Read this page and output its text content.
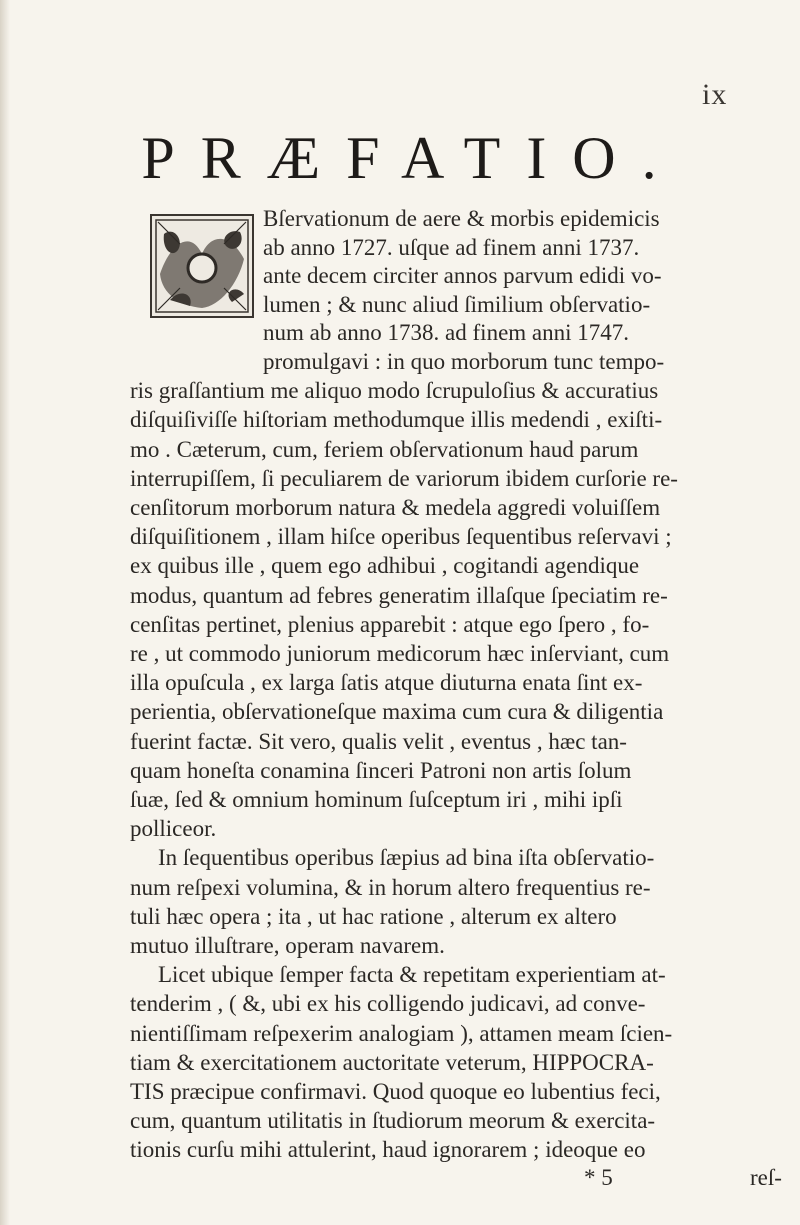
ix
PRÆFATIO.
Bſervationum de aere & morbis epidemicis
ab anno 1727. uſque ad finem anni 1737.
ante decem circiter annos parvum edidi vo-
lumen ; & nunc aliud ſimilium obſervatio-
num ab anno 1738. ad finem anni 1747.
promulgavi : in quo morborum tunc tempo-
ris graſſantium me aliquo modo ſcrupuloſius & accuratius
diſquiſiviſſe hiſtoriam methodumque illis medendi , exiſti-
mo . Cæterum, cum, feriem obſervationum haud parum
interrupiſſem, ſi peculiarem de variorum ibidem curſorie re-
cenſitorum morborum natura & medela aggredi voluiſſem
diſquiſitionem , illam hiſce operibus ſequentibus reſervavi ;
ex quibus ille , quem ego adhibui , cogitandi agendique
modus, quantum ad febres generatim illaſque ſpeciatim re-
cenſitas pertinet, plenius apparebit : atque ego ſpero , fo-
re , ut commodo juniorum medicorum hæc inſerviant, cum
illa opuſcula , ex larga ſatis atque diuturna enata ſint ex-
perientia, obſervationeſque maxima cum cura & diligentia
fuerint factæ. Sit vero, qualis velit , eventus , hæc tan-
quam honeſta conamina ſinceri Patroni non artis ſolum
ſuæ, ſed & omnium hominum ſuſceptum iri , mihi ipſi
polliceor.
In ſequentibus operibus ſæpius ad bina iſta obſervatio-
num reſpexi volumina, & in horum altero frequentius re-
tuli hæc opera ; ita , ut hac ratione , alterum ex altero
mutuo illuſtrare, operam navarem.
Licet ubique ſemper facta & repetitam experientiam at-
tenderim , ( &, ubi ex his colligendo judicavi, ad conve-
nientiſſimam reſpexerim analogiam ), attamen meam ſcien-
tiam & exercitationem auctoritate veterum, HIPPOCRA-
TIS præcipue confirmavi. Quod quoque eo lubentius feci,
cum, quantum utilitatis in ſtudiorum meorum & exercita-
tionis curſu mihi attulerint, haud ignorarem ; ideoque eo
* 5	reſ-
